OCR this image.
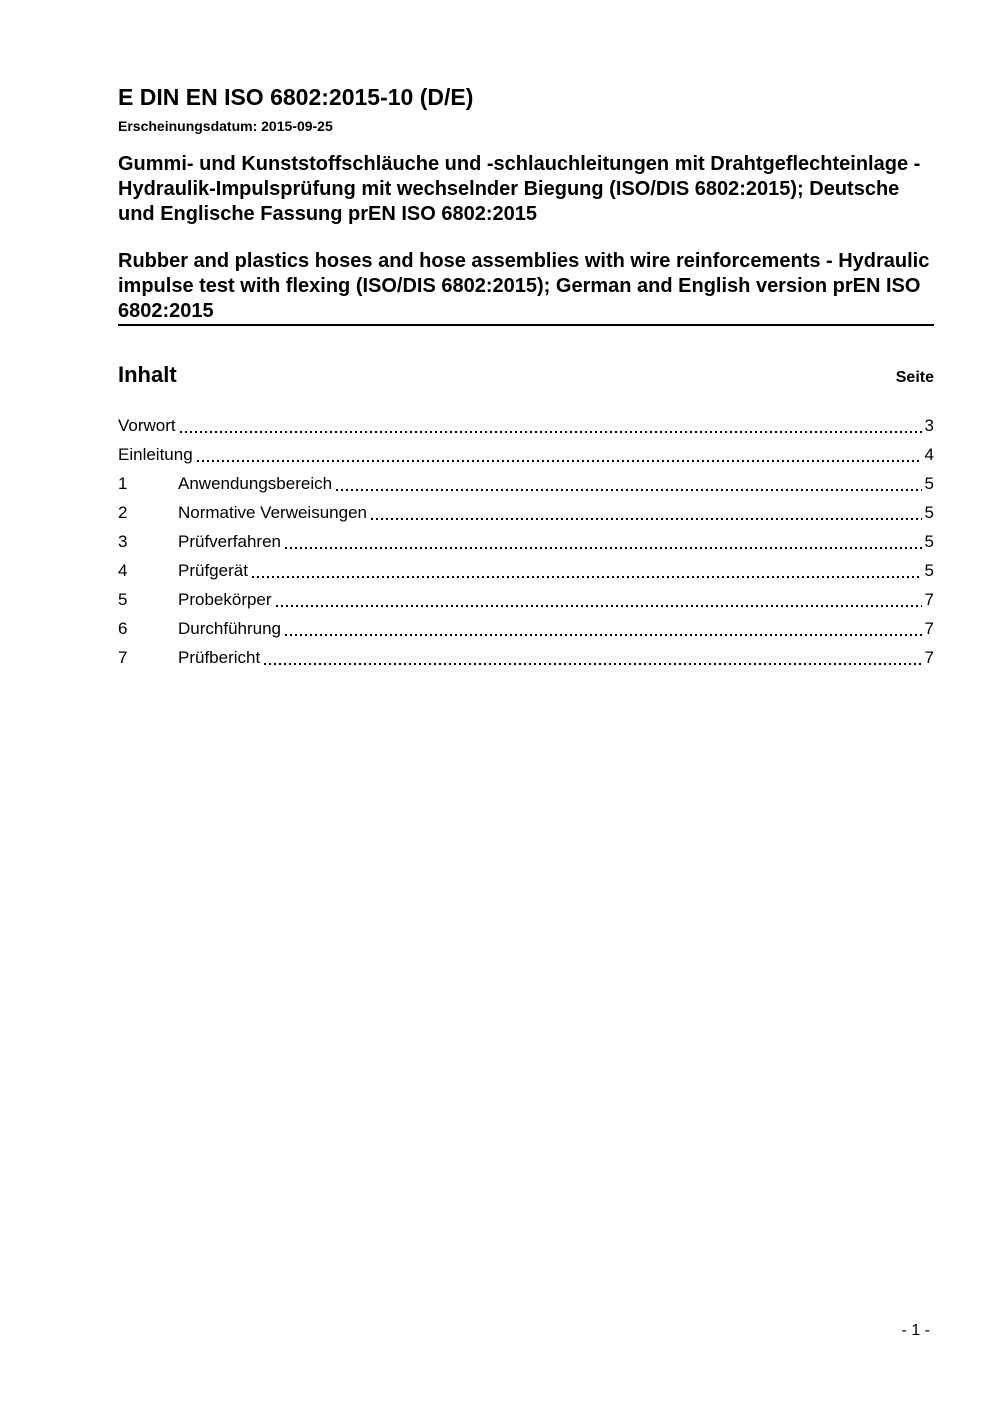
E DIN EN ISO 6802:2015-10 (D/E)
Erscheinungsdatum: 2015-09-25

Gummi- und Kunststoffschläuche und -schlauchleitungen mit Drahtgeflechteinlage - Hydraulik-Impulsprüfung mit wechselnder Biegung (ISO/DIS 6802:2015); Deutsche und Englische Fassung prEN ISO 6802:2015

Rubber and plastics hoses and hose assemblies with wire reinforcements - Hydraulic impulse test with flexing (ISO/DIS 6802:2015); German and English version prEN ISO 6802:2015

Inhalt	Seite
Vorwort	3
Einleitung	4
1	Anwendungsbereich	5
2	Normative Verweisungen	5
3	Prüfverfahren	5
4	Prüfgerät	5
5	Probekörper	7
6	Durchführung	7
7	Prüfbericht	7
- 1 -
